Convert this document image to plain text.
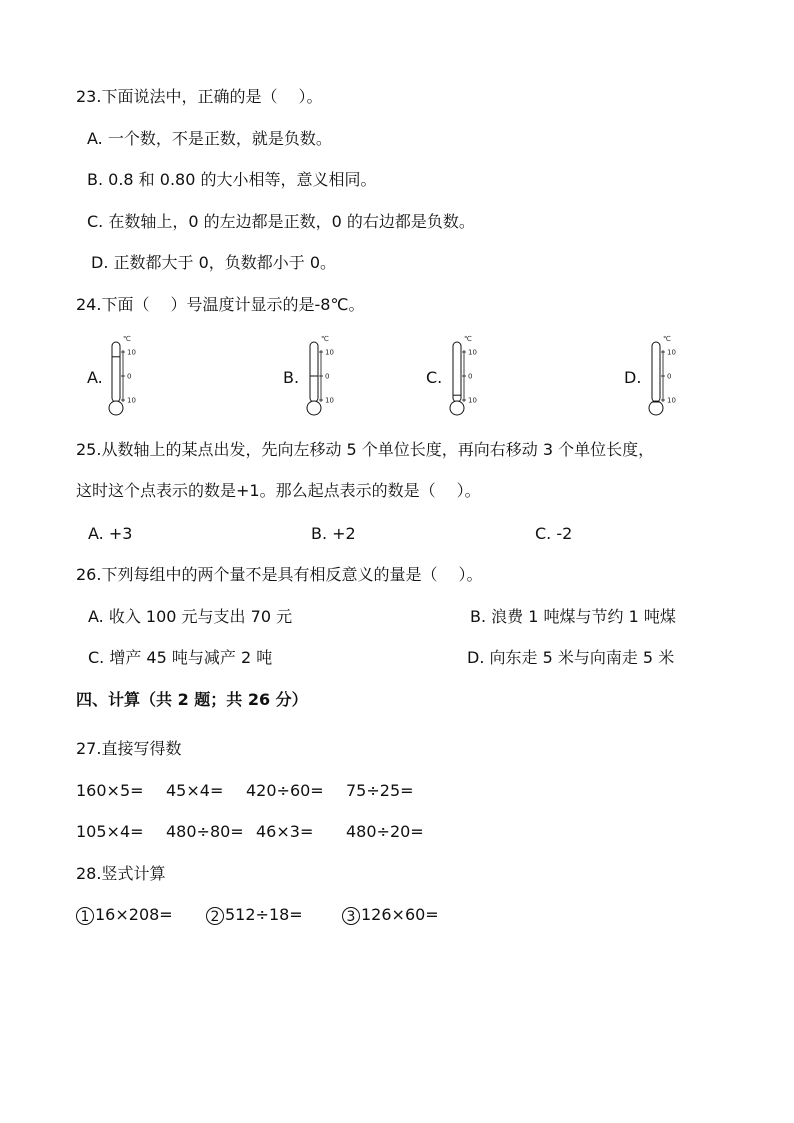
23.下面说法中，正确的是（　 ）。
A. 一个数，不是正数，就是负数。
B. 0.8 和 0.80 的大小相等，意义相同。
C. 在数轴上，0 的左边都是正数，0 的右边都是负数。
D. 正数都大于 0，负数都小于 0。
24.下面（　 ）号温度计显示的是-8℃。
A.
10
0
10
℃
B.
10
0
10
℃
C.
10
0
10
℃
D.
10
0
10
℃
25.从数轴上的某点出发，先向左移动 5 个单位长度，再向右移动 3 个单位长度，
这时这个点表示的数是+1。那么起点表示的数是（　 ）。
A. +3	B. +2	C. -2
26.下列每组中的两个量不是具有相反意义的量是（　 ）。
A. 收入 100 元与支出 70 元	B. 浪费 1 吨煤与节约 1 吨煤
C. 增产 45 吨与减产 2 吨	D. 向东走 5 米与向南走 5 米
四、计算（共 2 题；共 26 分）
27.直接写得数
160×5= 45×4= 420÷60= 75÷25=
105×4= 480÷80= 46×3= 480÷20=
28.竖式计算
1 16×208=	2 512÷18=	3 126×60=
